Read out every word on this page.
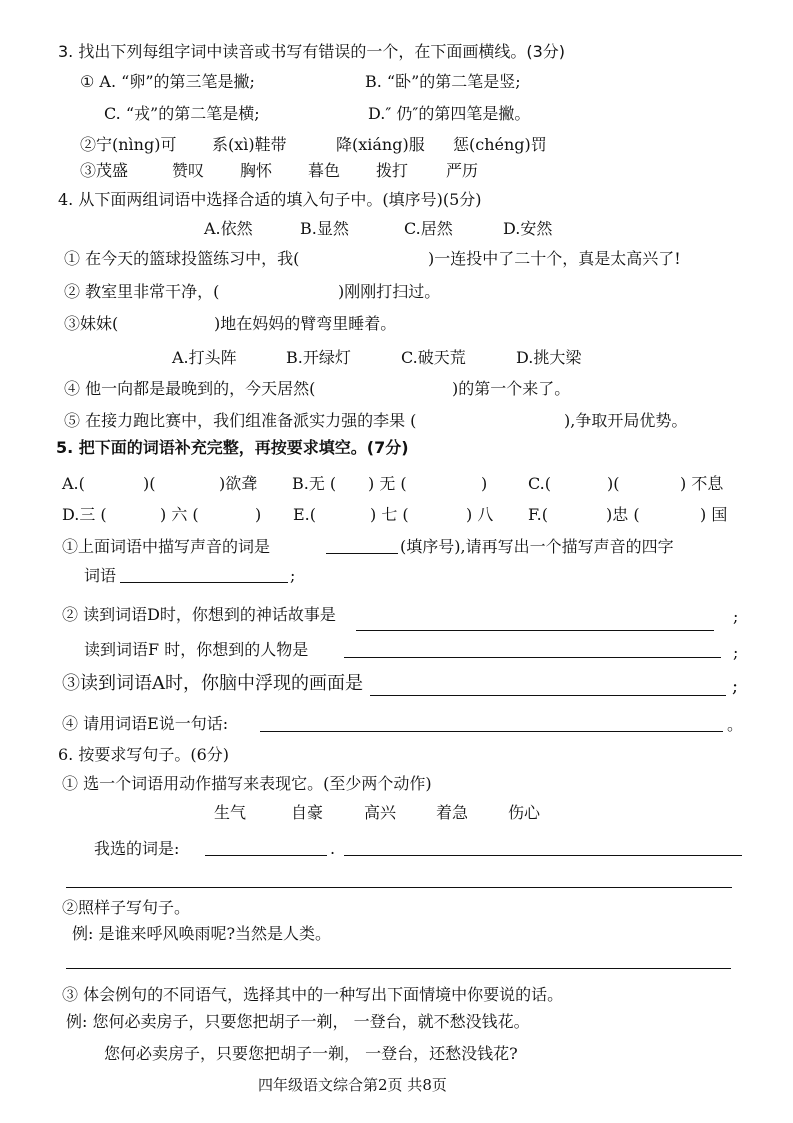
3. 找出下列每组字词中读音或书写有错误的一个，在下面画横线。(3分)
① A. “卵”的第三笔是撇;	B. “卧”的第二笔是竖;
C. “戎”的第二笔是横;	D.″ 仍″的第四笔是撇。
②宁(nìng)可 系(xì)鞋带	降(xiáng)服 惩(chéng)罚
③茂盛	赞叹 胸怀 暮色 拨打 严历
4. 从下面两组词语中选择合适的填入句子中。(填序号)(5分)
A.依然	B.显然	C.居然	D.安然
① 在今天的篮球投篮练习中，我(	)一连投中了二十个，真是太高兴了!
② 教室里非常干净，(	)刚刚打扫过。
③妹妹(	)地在妈妈的臂弯里睡着。
A.打头阵	B.开绿灯	C.破天荒	D.挑大梁
④ 他一向都是最晚到的，今天居然(	)的第一个来了。
⑤ 在接力跑比赛中，我们组准备派实力强的李果 (	),争取开局优势。
5. 把下面的词语补充完整，再按要求填空。(7分)
A.(	)(	)欲聋 B.无 ( ) 无 (	)	C.(	)(	) 不息
D.三 (	) 六 (	) E.(	) 七 (	) 八 F.(	)忠 (	) 国
①上面词语中描写声音的词是	(填序号),请再写出一个描写声音的四字
词语	;
② 读到词语D时，你想到的神话故事是	;
读到词语F 时，你想到的人物是	;
③读到词语A时，你脑中浮现的画面是	;
④ 请用词语E说一句话:	。
6. 按要求写句子。(6分)
① 选一个词语用动作描写来表现它。(至少两个动作)
生气	自豪	高兴 着急 伤心
我选的词是:	.
②照样子写句子。
例: 是谁来呼风唤雨呢?当然是人类。
③ 体会例句的不同语气，选择其中的一种写出下面情境中你要说的话。
例: 您何必卖房子，只要您把胡子一剃， 一登台，就不愁没钱花。
您何必卖房子，只要您把胡子一剃， 一登台，还愁没钱花?
四年级语文综合第2页 共8页
